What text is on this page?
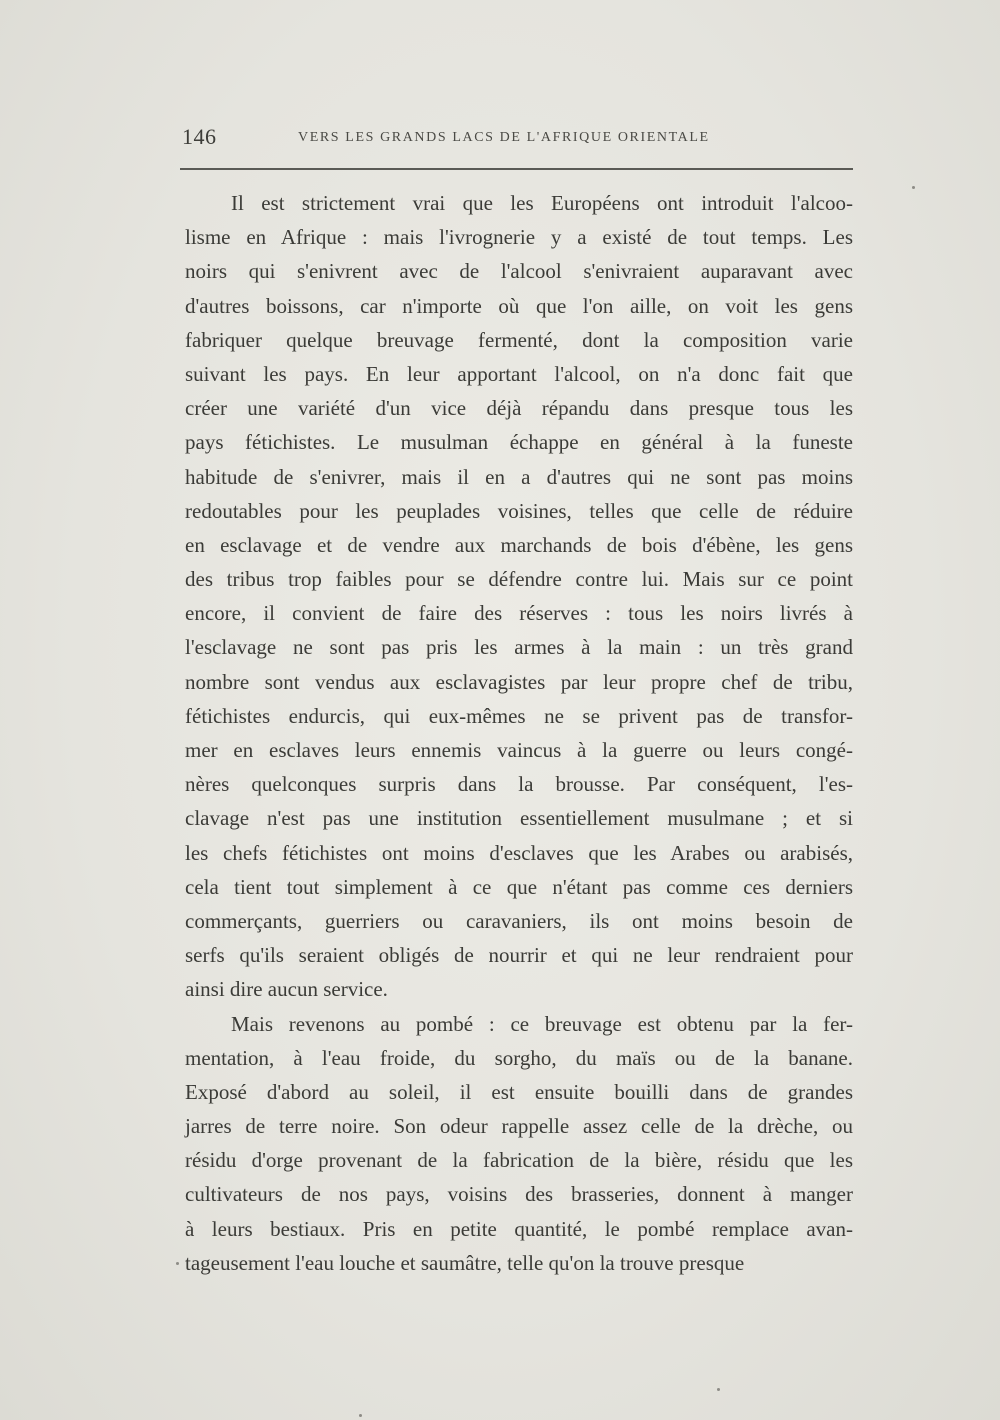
146	VERS LES GRANDS LACS DE L'AFRIQUE ORIENTALE
Il est strictement vrai que les Européens ont introduit l'alcoo-
lisme en Afrique : mais l'ivrognerie y a existé de tout temps. Les
noirs qui s'enivrent avec de l'alcool s'enivraient auparavant avec
d'autres boissons, car n'importe où que l'on aille, on voit les gens
fabriquer quelque breuvage fermenté, dont la composition varie
suivant les pays. En leur apportant l'alcool, on n'a donc fait que
créer une variété d'un vice déjà répandu dans presque tous les
pays fétichistes. Le musulman échappe en général à la funeste
habitude de s'enivrer, mais il en a d'autres qui ne sont pas moins
redoutables pour les peuplades voisines, telles que celle de réduire
en esclavage et de vendre aux marchands de bois d'ébène, les gens
des tribus trop faibles pour se défendre contre lui. Mais sur ce point
encore, il convient de faire des réserves : tous les noirs livrés à
l'esclavage ne sont pas pris les armes à la main : un très grand
nombre sont vendus aux esclavagistes par leur propre chef de tribu,
fétichistes endurcis, qui eux-mêmes ne se privent pas de transfor-
mer en esclaves leurs ennemis vaincus à la guerre ou leurs congé-
nères quelconques surpris dans la brousse. Par conséquent, l'es-
clavage n'est pas une institution essentiellement musulmane ; et si
les chefs fétichistes ont moins d'esclaves que les Arabes ou arabisés,
cela tient tout simplement à ce que n'étant pas comme ces derniers
commerçants, guerriers ou caravaniers, ils ont moins besoin de
serfs qu'ils seraient obligés de nourrir et qui ne leur rendraient pour
ainsi dire aucun service.
Mais revenons au pombé : ce breuvage est obtenu par la fer-
mentation, à l'eau froide, du sorgho, du maïs ou de la banane.
Exposé d'abord au soleil, il est ensuite bouilli dans de grandes
jarres de terre noire. Son odeur rappelle assez celle de la drèche, ou
résidu d'orge provenant de la fabrication de la bière, résidu que les
cultivateurs de nos pays, voisins des brasseries, donnent à manger
à leurs bestiaux. Pris en petite quantité, le pombé remplace avan-
tageusement l'eau louche et saumâtre, telle qu'on la trouve presque
